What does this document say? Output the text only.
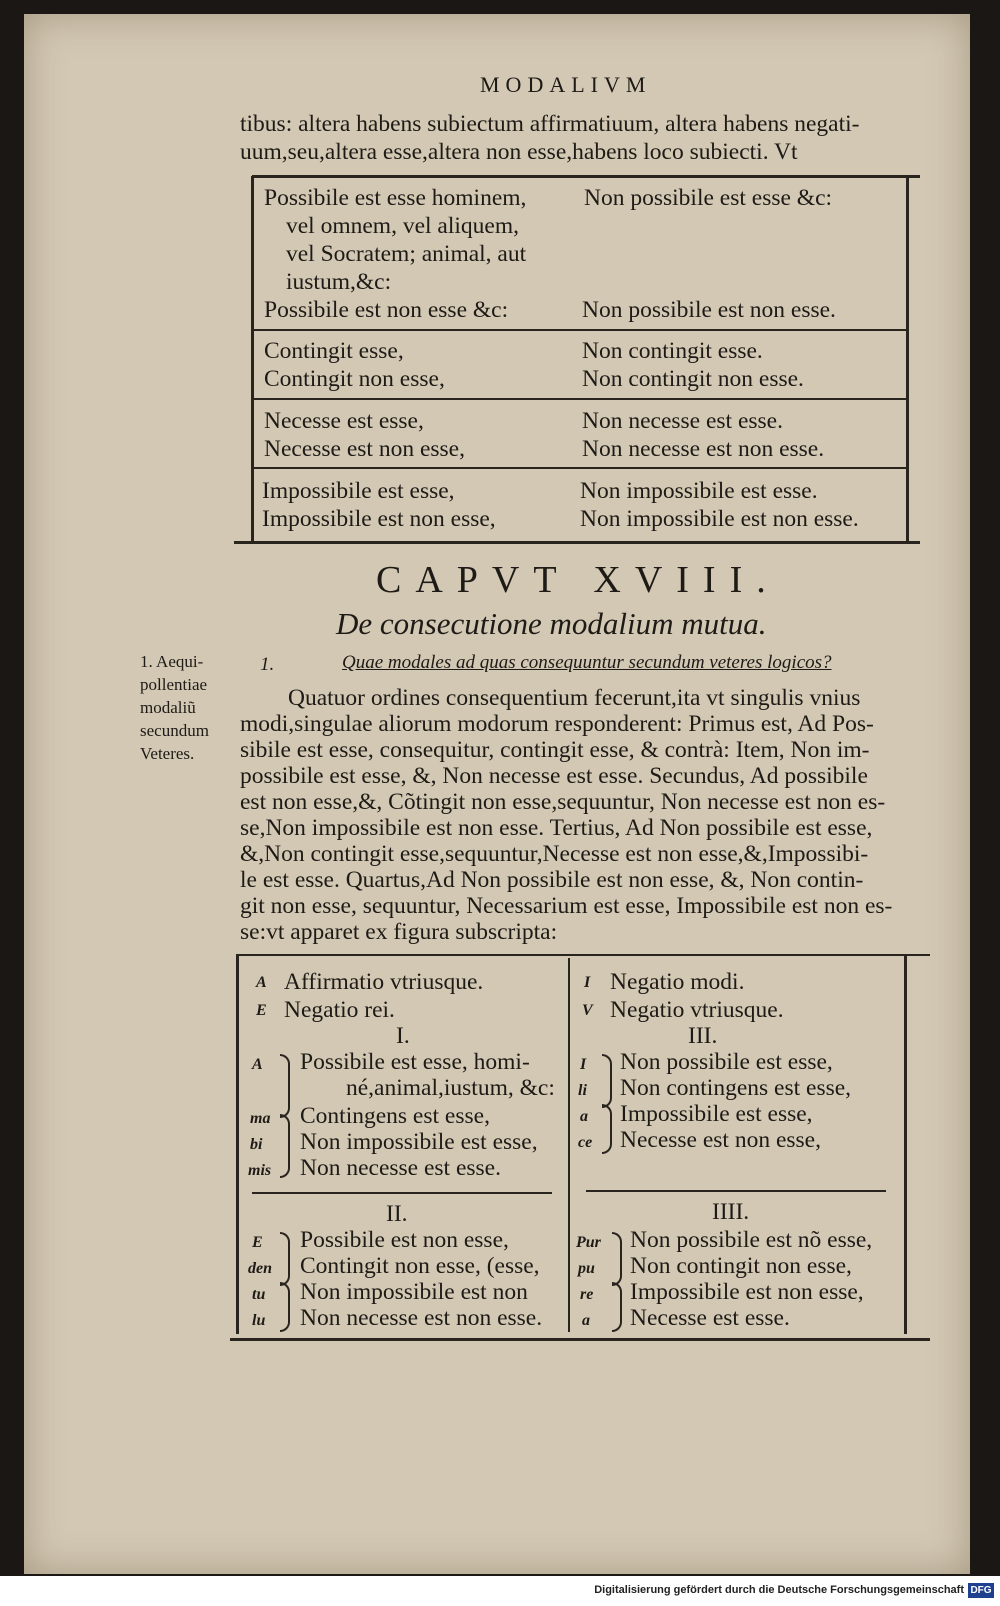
MODALIVM
tibus: altera habens subiectum affirmatiuum, altera habens negati-
uum,seu,altera esse,altera non esse,habens loco subiecti. Vt
Possibile est esse hominem,
vel omnem, vel aliquem,
vel Socratem; animal, aut
iustum,&c:
Possibile est non esse &c:
Contingit esse,
Contingit non esse,
Necesse est esse,
Necesse est non esse,
Impossibile est esse,
Impossibile est non esse,
Non possibile est esse &c:
Non possibile est non esse.
Non contingit esse.
Non contingit non esse.
Non necesse est esse.
Non necesse est non esse.
Non impossibile est esse.
Non impossibile est non esse.
CAPVT XVIII.
De consecutione modalium mutua.
1. Aequi-
pollentiae
modaliũ
secundum
Veteres.
1.	Quae modales ad quas consequuntur secundum veteres logicos?
Quatuor ordines consequentium fecerunt,ita vt singulis vnius
modi,singulae aliorum modorum responderent: Primus est, Ad Pos-
sibile est esse, consequitur, contingit esse, & contrà: Item, Non im-
possibile est esse, &, Non necesse est esse. Secundus, Ad possibile
est non esse,&, Cõtingit non esse,sequuntur, Non necesse est non es-
se,Non impossibile est non esse. Tertius, Ad Non possibile est esse,
&,Non contingit esse,sequuntur,Necesse est non esse,&,Impossibi-
le est esse. Quartus,Ad Non possibile est non esse, &, Non contin-
git non esse, sequuntur, Necessarium est esse, Impossibile est non es-
se:vt apparet ex figura subscripta:
A Affirmatio vtriusque.
E Negatio rei.
I Negatio modi.
V Negatio vtriusque.
I.
A
ma
bi
mis
Possibile est esse, homi-
né,animal,iustum, &c:
Contingens est esse,
Non impossibile est esse,
Non necesse est esse.
II.
E
den
tu
lu
Possibile est non esse,
Contingit non esse, (esse,
Non impossibile est non
Non necesse est non esse.
III.
I
li
a
ce
Non possibile est esse,
Non contingens est esse,
Impossibile est esse,
Necesse est non esse,
IIII.
Pur
pu
re
a
Non possibile est nõ esse,
Non contingit non esse,
Impossibile est non esse,
Necesse est esse.
Digitalisierung gefördert durch die Deutsche Forschungsgemeinschaft DFG
